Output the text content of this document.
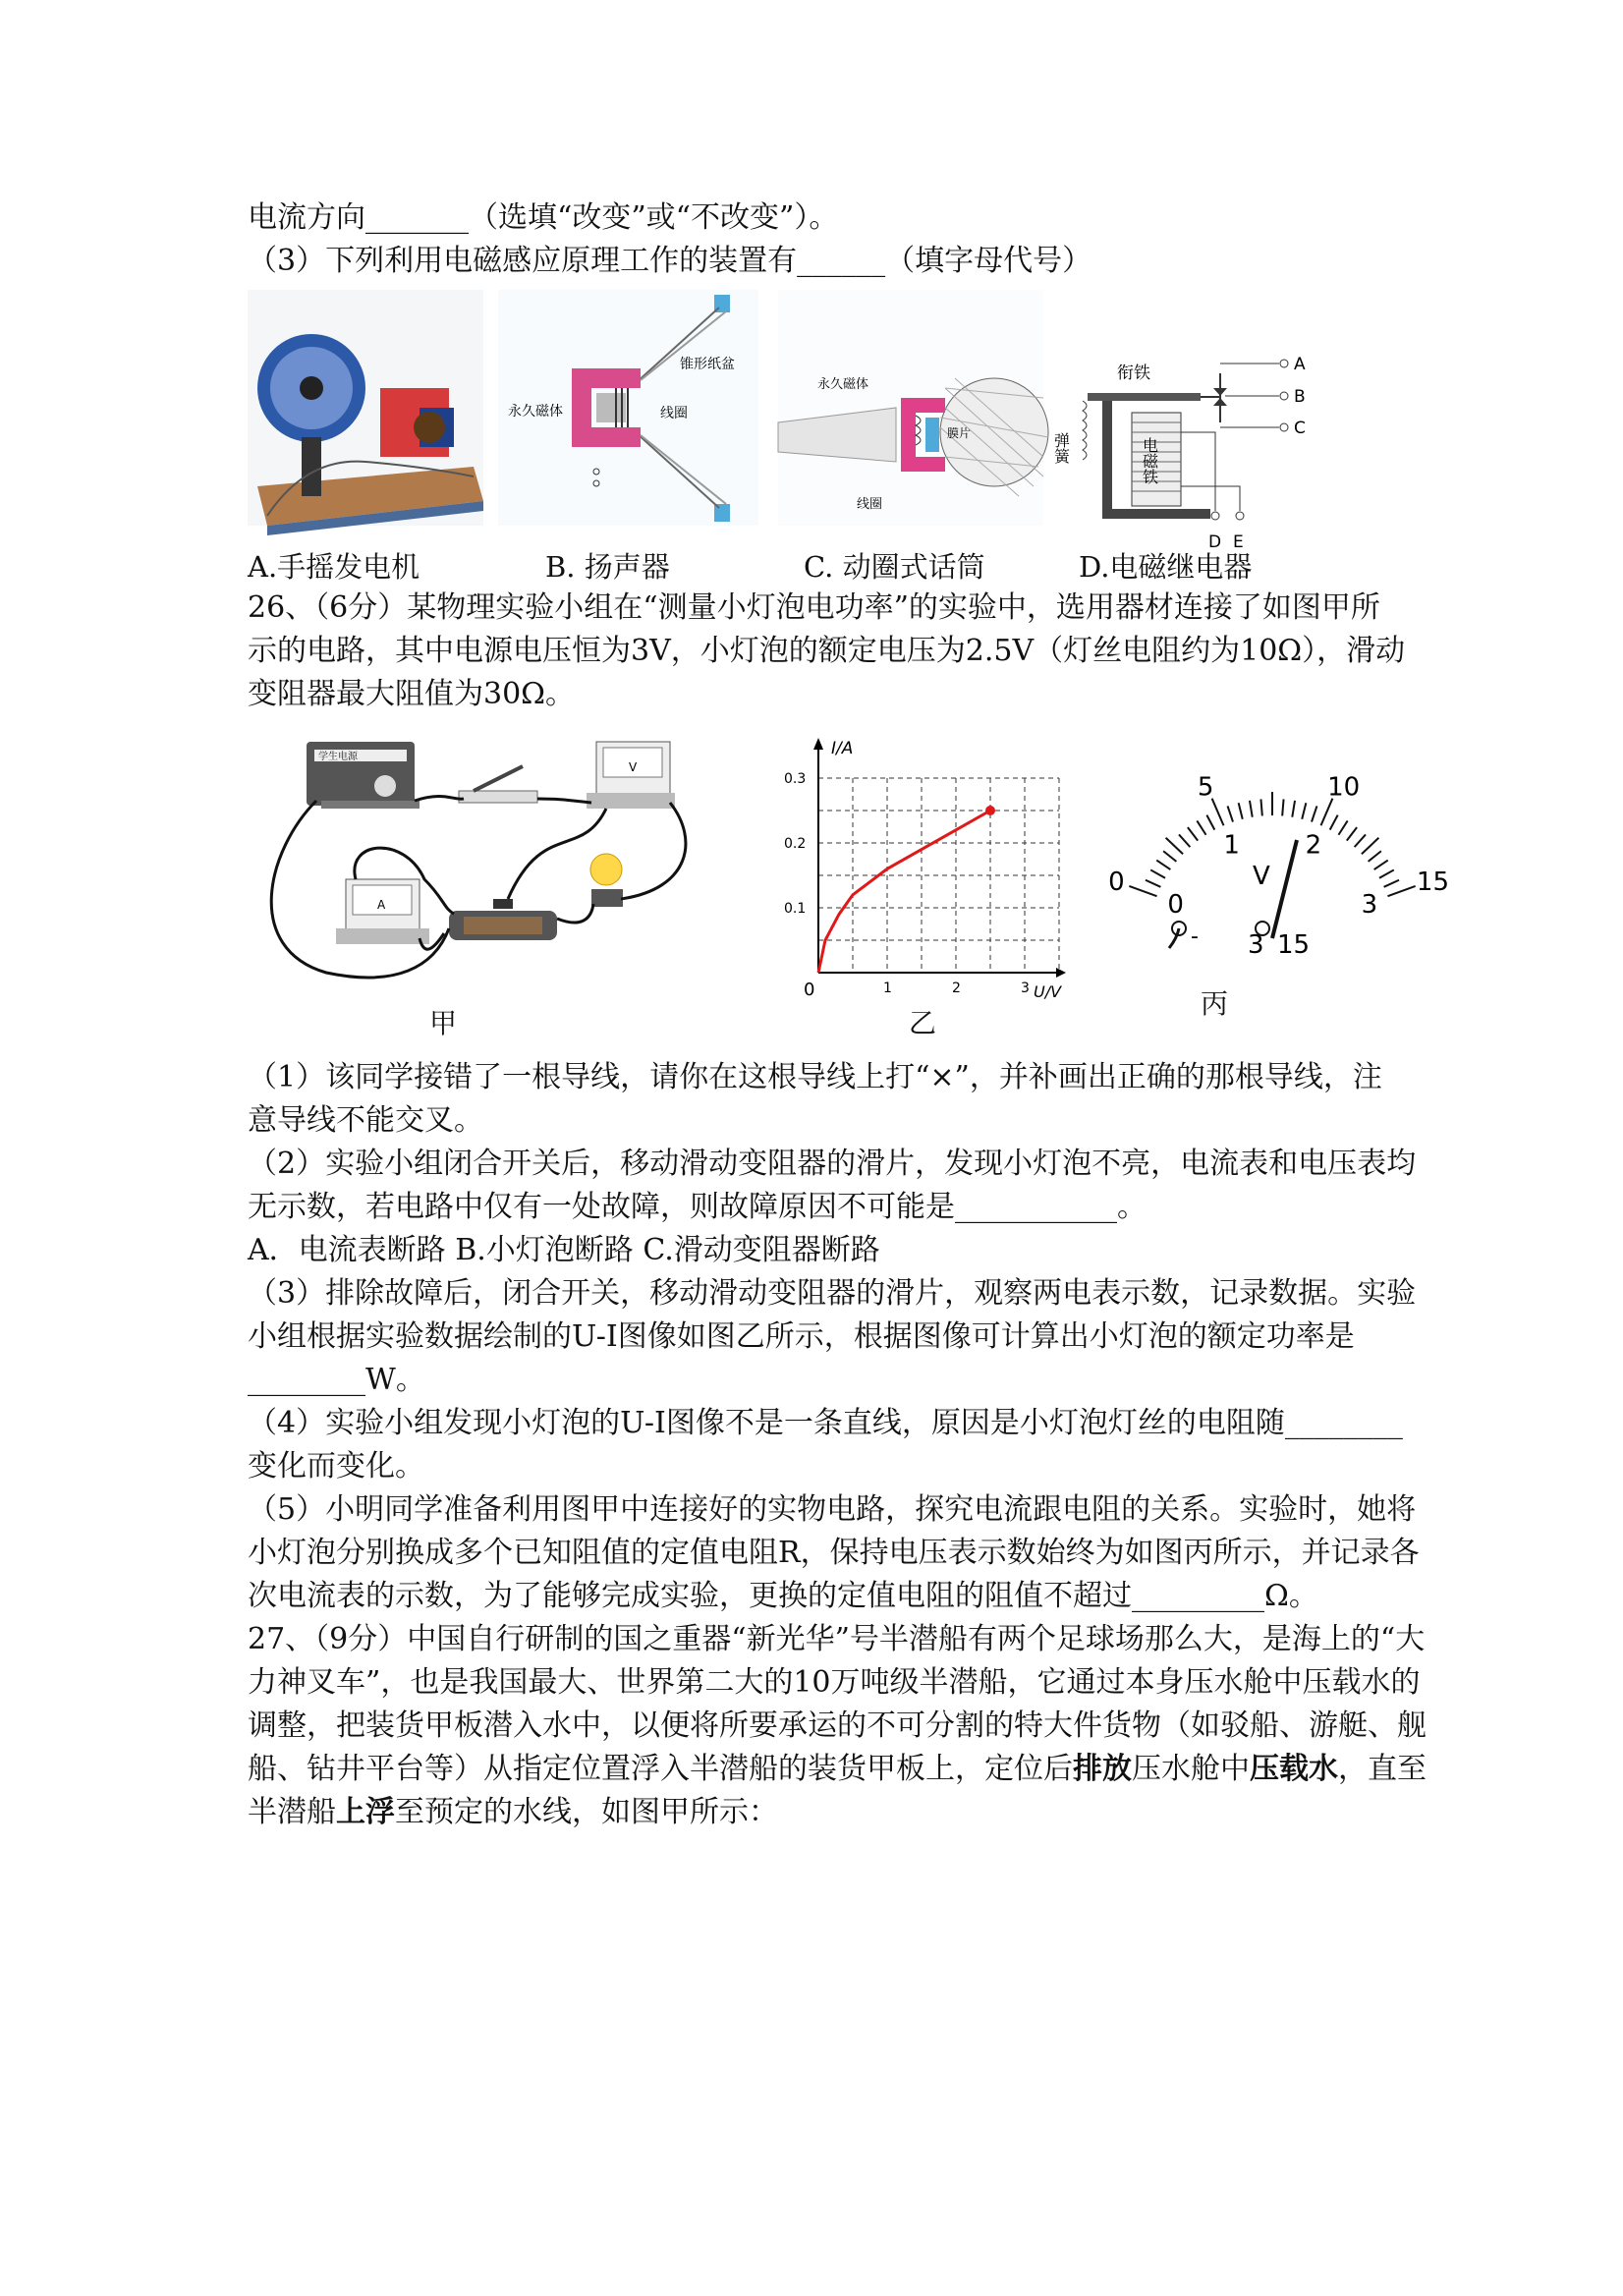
电流方向_______（选填“改变”或“不改变”）。
（3）下列利用电磁感应原理工作的装置有______（填字母代号）
永久磁体
锥形纸盆
线圈
永久磁体
线圈
膜片
衔铁
电磁铁
弹簧
A
B
C
D E
A.手摇发电机	B. 扬声器	C. 动圈式话筒	D.电磁继电器
26、（6分）某物理实验小组在“测量小灯泡电功率”的实验中，选用器材连接了如图甲所
示的电路，其中电源电压恒为3V，小灯泡的额定电压为2.5V（灯丝电阻约为10Ω），滑动
变阻器最大阻值为30Ω。
学生电源
V
A
甲
I/A
U/V
0	1	2	3
0.1
0.2
0.3
乙
0
5	10
15
0
1	2
3
V
- 3 15
丙
（1）该同学接错了一根导线，请你在这根导线上打“×”，并补画出正确的那根导线，注
意导线不能交叉。
（2）实验小组闭合开关后，移动滑动变阻器的滑片，发现小灯泡不亮，电流表和电压表均
无示数，若电路中仅有一处故障，则故障原因不可能是___________。
A．电流表断路 B.小灯泡断路 C.滑动变阻器断路
（3）排除故障后，闭合开关，移动滑动变阻器的滑片，观察两电表示数，记录数据。实验
小组根据实验数据绘制的U-I图像如图乙所示，根据图像可计算出小灯泡的额定功率是
________W。
（4）实验小组发现小灯泡的U-I图像不是一条直线，原因是小灯泡灯丝的电阻随________
变化而变化。
（5）小明同学准备利用图甲中连接好的实物电路，探究电流跟电阻的关系。实验时，她将
小灯泡分别换成多个已知阻值的定值电阻R，保持电压表示数始终为如图丙所示，并记录各
次电流表的示数，为了能够完成实验，更换的定值电阻的阻值不超过_________Ω。
27、（9分）中国自行研制的国之重器“新光华”号半潜船有两个足球场那么大，是海上的“大
力神叉车”，也是我国最大、世界第二大的10万吨级半潜船，它通过本身压水舱中压载水的
调整，把装货甲板潜入水中，以便将所要承运的不可分割的特大件货物（如驳船、游艇、舰
船、钻井平台等）从指定位置浮入半潜船的装货甲板上，定位后排放压水舱中压载水，直至
半潜船上浮至预定的水线，如图甲所示：
